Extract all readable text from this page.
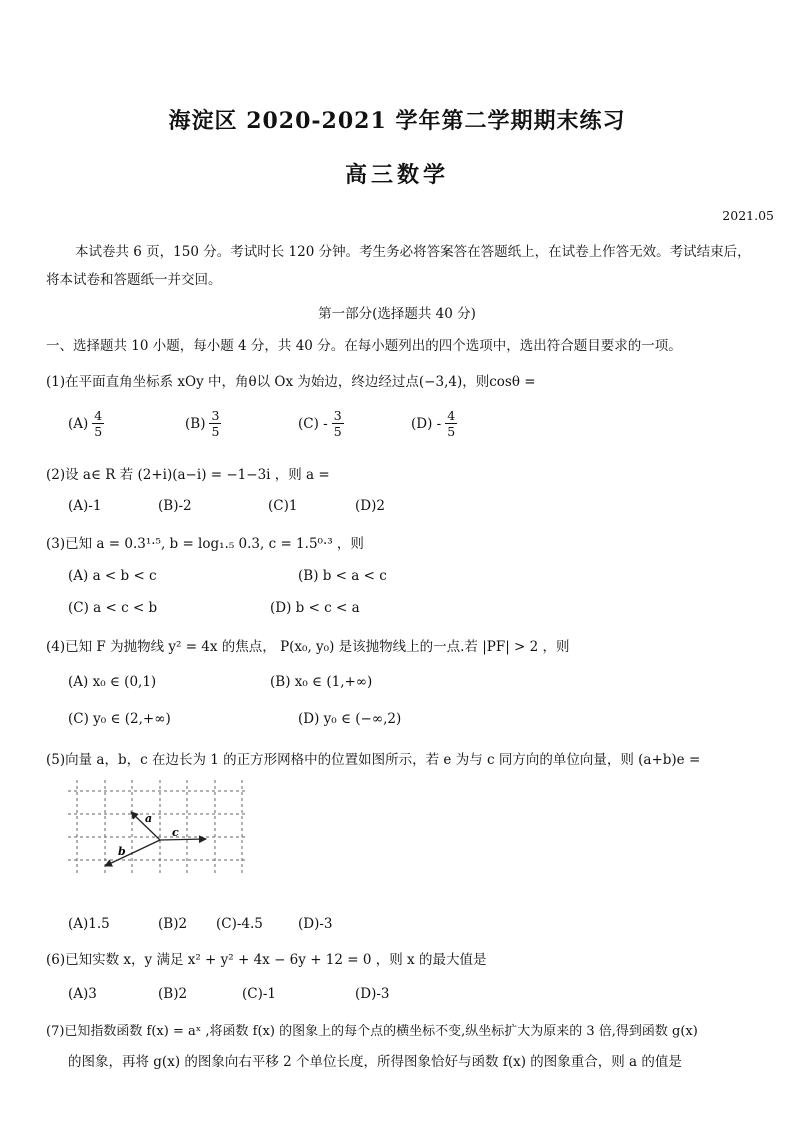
海淀区 2020-2021 学年第二学期期末练习
高三数学
2021.05
本试卷共 6 页，150 分。考试时长 120 分钟。考生务必将答案答在答题纸上，在试卷上作答无效。考试结束后，
将本试卷和答题纸一并交回。
第一部分(选择题共 40 分)
一、选择题共 10 小题，每小题 4 分，共 40 分。在每小题列出的四个选项中，选出符合题目要求的一项。
(1)在平面直角坐标系 xOy 中，角θ以 Ox 为始边，终边经过点(−3,4)，则cosθ =
$(A) \frac{4}{5}$	$(B) \frac{3}{5}$	(C)
- $\frac{3}{5}$	(D)
- $\frac{4}{5}$
(2)设 a∈ R 若 (2+i)(a−i) = −1−3i ，则 a =
(A)-1	(B)-2	(C)1	(D)2
(3)已知 a = 0.3¹·⁵, b = log₁.₅ 0.3, c = 1.5⁰·³ ，则
(A) a < b < c	(B) b < a < c
(C) a < c < b	(D) b < c < a
(4)已知 F 为抛物线 y² = 4x 的焦点， P(x₀, y₀) 是该抛物线上的一点.若 |PF| > 2 ，则
(A) x₀ ∈ (0,1)	(B) x₀ ∈ (1,+∞)
(C) y₀ ∈ (2,+∞)	(D) y₀ ∈ (−∞,2)
(5)向量 a，b，c 在边长为 1 的正方形网格中的位置如图所示，若 e 为与 c 同方向的单位向量，则 (a+b)e =
a
c
b
(A)1.5	(B)2 (C)-4.5	(D)-3
(6)已知实数 x，y 满足 x² + y² + 4x − 6y + 12 = 0 ，则 x 的最大值是
(A)3	(B)2	(C)-1	(D)-3
(7)已知指数函数 f(x) = aˣ ,将函数 f(x) 的图象上的每个点的横坐标不变,纵坐标扩大为原来的 3 倍,得到函数 g(x)
的图象，再将 g(x) 的图象向右平移 2 个单位长度，所得图象恰好与函数 f(x) 的图象重合，则 a 的值是
